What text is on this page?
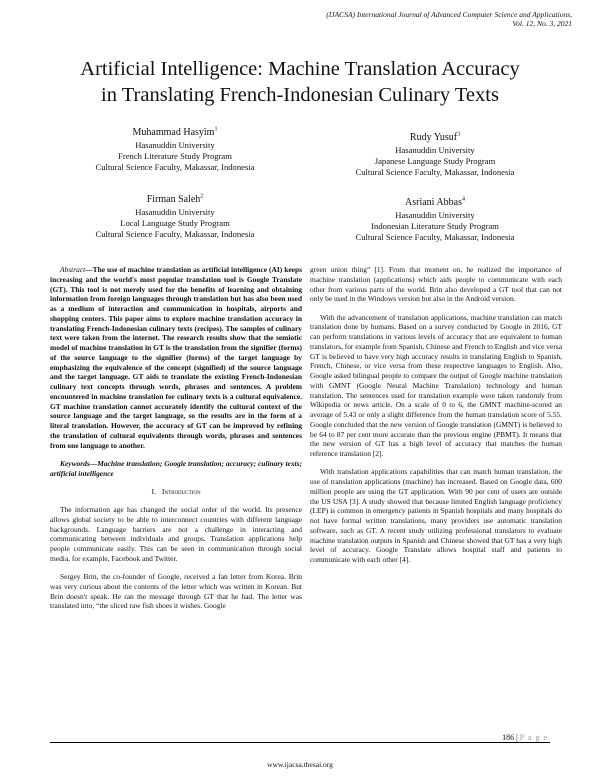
(IJACSA) International Journal of Advanced Computer Science and Applications,
Vol. 12, No. 3, 2021
Artificial Intelligence: Machine Translation Accuracy
in Translating French-Indonesian Culinary Texts
Muhammad Hasyim$^1$
Hasanuddin University
French Literature Study Program
Cultural Science Faculty, Makassar, Indonesia
Rudy Yusuf$^3$
Hasanuddin University
Japanese Language Study Program
Cultural Science Faculty, Makassar, Indonesia
Firman Saleh$^2$
Hasanuddin University
Local Language Study Program
Cultural Science Faculty, Makassar, Indonesia
Asriani Abbas$^4$
Hasanuddin University
Indonesian Literature Study Program
Cultural Science Faculty, Makassar, Indonesia

Abstract—The use of machine translation as artificial intelligence (AI) keeps increasing and the world's most popular translation tool is Google Translate (GT). This tool is not merely used for the benefits of learning and obtaining information from foreign languages through translation but has also been used as a medium of interaction and communication in hospitals, airports and shopping centers. This paper aims to explore machine translation accuracy in translating French-Indonesian culinary texts (recipes). The samples of culinary text were taken from the internet. The research results show that the semiotic model of machine translation in GT is the translation from the signifier (forms) of the source language to the signifier (forms) of the target language by emphasizing the equivalence of the concept (signified) of the source language and the target language. GT aids to translate the existing French-Indonesian culinary text concepts through words, phrases and sentences. A problem encountered in machine translation for culinary texts is a cultural equivalence. GT machine translation cannot accurately identify the cultural context of the source language and the target language, so the results are in the form of a literal translation. However, the accuracy of GT can be improved by refining the translation of cultural equivalents through words, phrases and sentences from one language to another.

Keywords—Machine translation; Google translation; accuracy; culinary texts; artificial intelligence

I. Introduction

The information age has changed the social order of the world. Its presence allows global society to be able to interconnect countries with different language backgrounds. Language barriers are not a challenge in interacting and communicating between individuals and groups. Translation applications help people communicate easily. This can be seen in communication through social media, for example, Facebook and Twitter.

Sergey Brin, the co-founder of Google, received a fan letter from Korea. Brin was very curious about the contents of the letter which was written in Korean. But Brin doesn't speak. He ran the message through GT that he had. The letter was translated into, “the sliced raw fish shoes it wishes. Google

green union thing” [1]. From that moment on, he realized the importance of machine translation (applications) which aids people to communicate with each other from various parts of the world. Brin also developed a GT tool that can not only be used in the Windows version but also in the Android version.

With the advancement of translation applications, machine translation can match translation done by humans. Based on a survey conducted by Google in 2016, GT can perform translations in various levels of accuracy that are equivalent to human translators, for example from Spanish, Chinese and French to English and vice versa GT is believed to have very high accuracy results in translating English to Spanish, French, Chinese, or vice versa from these respective languages to English. Also, Google asked bilingual people to compare the output of Google machine translation with GMNT (Google Neural Machine Translation) technology and human translation. The sentences used for translation example were taken randomly from Wikipedia or news article. On a scale of 0 to 6, the GMNT machine-scored an average of 5.43 or only a slight difference from the human translation score of 5.55. Google concluded that the new version of Google translation (GMNT) is believed to be 64 to 87 per cent more accurate than the previous engine (PBMT). It means that the new version of GT has a high level of accuracy that matches the human reference translation [2].

With translation applications capabilities that can match human translation, the use of translation applications (machine) has increased. Based on Google data, 600 million people are using the GT application. With 90 per cent of users are outside the US USA [3]. A study showed that because limited English language proficiency (LEP) is common in emergency patients in Spanish hospitals and many hospitals do not have formal written translations, many providers use automatic translation software, such as GT. A recent study utilizing professional translators to evaluate machine translation outputs in Spanish and Chinese showed that GT has a very high level of accuracy. Google Translate allows hospital staff and patients to communicate with each other [4].

186 | P a g e
www.ijacsa.thesai.org
